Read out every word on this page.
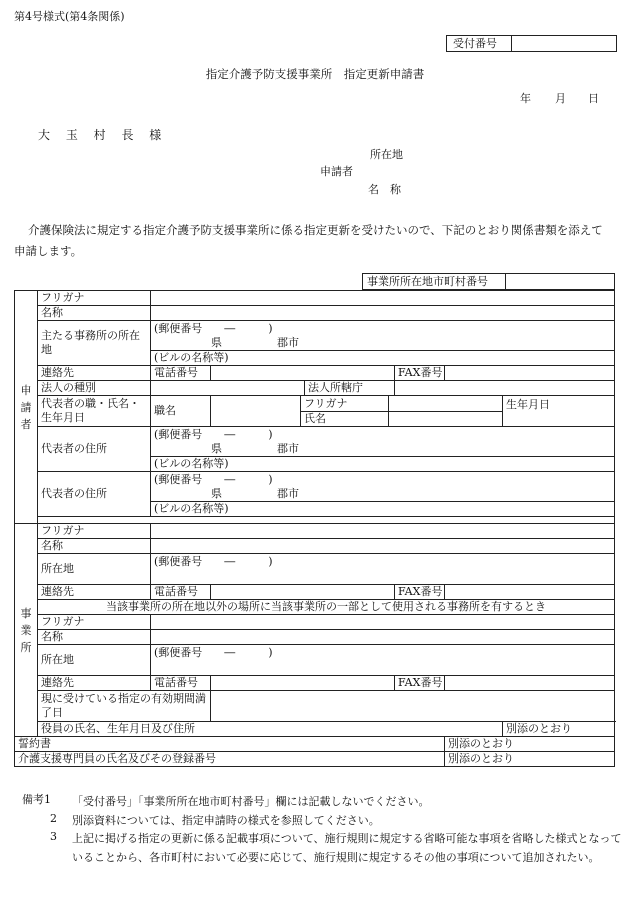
第4号様式(第4条関係)
受付番号	
指定介護予防支援事業所　指定更新申請書
年 月 日
大 玉 村 長 様
所在地
申請者
名　称
介護保険法に規定する指定介護予防支援事業所に係る指定更新を受けたいので、下記のとおり関係書類を添えて申請します。
事業所所在地市町村番号	
申請者	フリガナ								
	名称								
	主たる事務所の所在地	(郵便番号　　―　　　)							
		県　　　　　郡市							
		(ビルの名称等)							
	連絡先	電話番号					FAX番号		
	法人の種別				法人所轄庁				
	代表者の職・氏名・生年月日	職名		フリガナ					生年月日
				氏名					
	代表者の住所	(郵便番号　　―　　　)							
		県　　　　　郡市							
		(ビルの名称等)							
	代表者の住所	(郵便番号　　―　　　)							
		県　　　　　郡市							
		(ビルの名称等)							

事業所	フリガナ								
	名称								
	所在地	(郵便番号　　―　　　)							
	連絡先	電話番号					FAX番号		
	当該事業所の所在地以外の場所に当該事業所の一部として使用される事務所を有するとき								
	フリガナ								
	名称								
	所在地	(郵便番号　　―　　　)							
	連絡先	電話番号					FAX番号		
	現に受けている指定の有効期間満了日								
	役員の氏名、生年月日及び住所								別添のとおり
誓約書								別添のとおり	
介護支援専門員の氏名及びその登録番号								別添のとおり	
備考1	「受付番号」「事業所所在地市町村番号」欄には記載しないでください。
2	別添資料については、指定申請時の様式を参照してください。
3	上記に掲げる指定の更新に係る記載事項について、施行規則に規定する省略可能な事項を省略した様式となっていることから、各市町村において必要に応じて、施行規則に規定するその他の事項について追加されたい。
